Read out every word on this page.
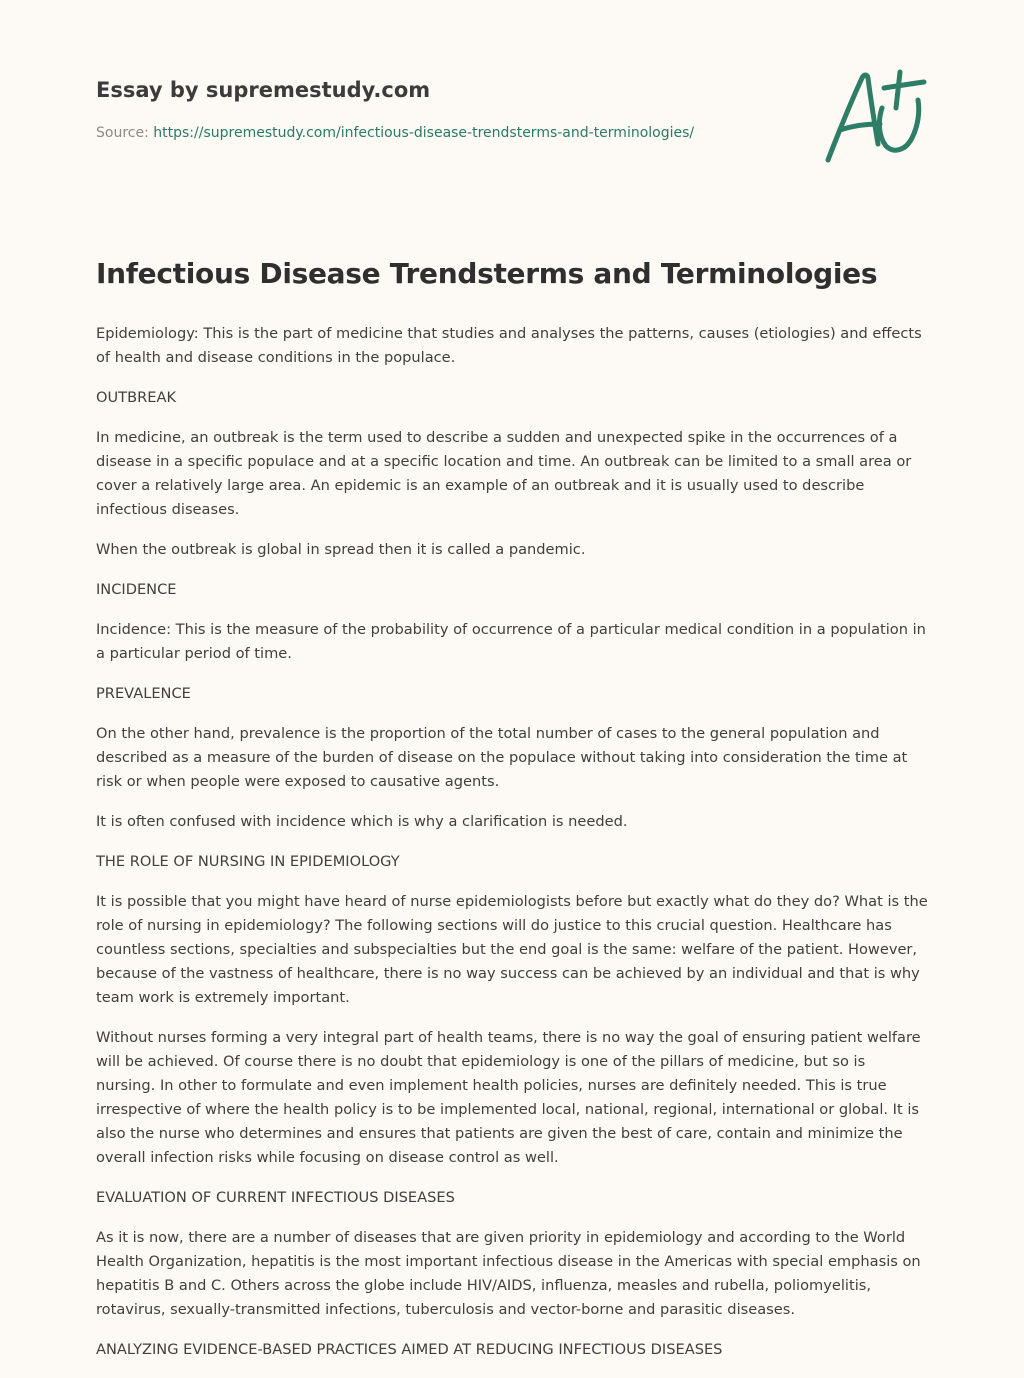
Essay by supremestudy.com
Source: https://supremestudy.com/infectious-disease-trendsterms-and-terminologies/
Infectious Disease Trendsterms and Terminologies

Epidemiology: This is the part of medicine that studies and analyses the patterns, causes (etiologies) and effects of health and disease conditions in the populace.

OUTBREAK

In medicine, an outbreak is the term used to describe a sudden and unexpected spike in the occurrences of a disease in a specific populace and at a specific location and time. An outbreak can be limited to a small area or cover a relatively large area. An epidemic is an example of an outbreak and it is usually used to describe infectious diseases.

When the outbreak is global in spread then it is called a pandemic.

INCIDENCE

Incidence: This is the measure of the probability of occurrence of a particular medical condition in a population in a particular period of time.

PREVALENCE

On the other hand, prevalence is the proportion of the total number of cases to the general population and described as a measure of the burden of disease on the populace without taking into consideration the time at risk or when people were exposed to causative agents.

It is often confused with incidence which is why a clarification is needed.

THE ROLE OF NURSING IN EPIDEMIOLOGY

It is possible that you might have heard of nurse epidemiologists before but exactly what do they do? What is the role of nursing in epidemiology? The following sections will do justice to this crucial question. Healthcare has countless sections, specialties and subspecialties but the end goal is the same: welfare of the patient. However, because of the vastness of healthcare, there is no way success can be achieved by an individual and that is why team work is extremely important.

Without nurses forming a very integral part of health teams, there is no way the goal of ensuring patient welfare will be achieved. Of course there is no doubt that epidemiology is one of the pillars of medicine, but so is nursing. In other to formulate and even implement health policies, nurses are definitely needed. This is true irrespective of where the health policy is to be implemented local, national, regional, international or global. It is also the nurse who determines and ensures that patients are given the best of care, contain and minimize the overall infection risks while focusing on disease control as well.

EVALUATION OF CURRENT INFECTIOUS DISEASES

As it is now, there are a number of diseases that are given priority in epidemiology and according to the World Health Organization, hepatitis is the most important infectious disease in the Americas with special emphasis on hepatitis B and C. Others across the globe include HIV/AIDS, influenza, measles and rubella, poliomyelitis, rotavirus, sexually-transmitted infections, tuberculosis and vector-borne and parasitic diseases.

ANALYZING EVIDENCE-BASED PRACTICES AIMED AT REDUCING INFECTIOUS DISEASES
